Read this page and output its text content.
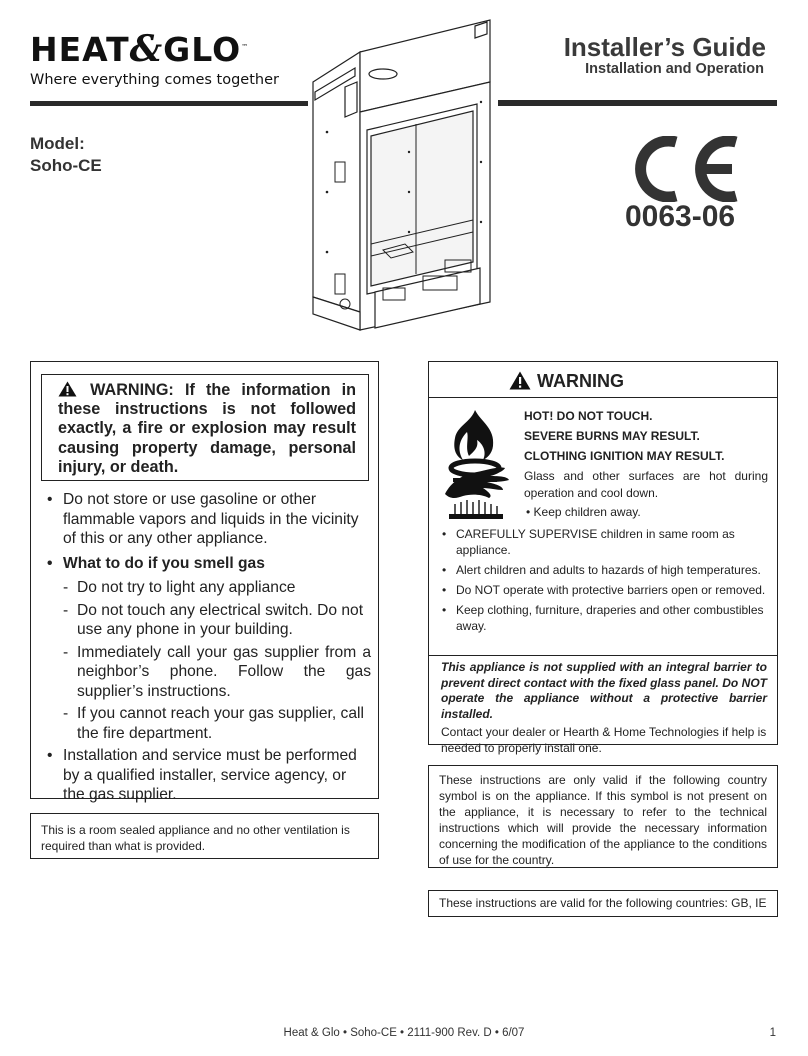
HEAT&GLO™
Where everything comes together
Installer’s Guide
Installation and Operation
Model:
Soho-CE
0063-06

WARNING: If the information in these instructions is not followed exactly, a fire or explosion may result causing property damage, personal injury, or death.

• Do not store or use gasoline or other flammable vapors and liquids in the vicinity of this or any other appliance.
• What to do if you smell gas
- Do not try to light any appliance
- Do not touch any electrical switch. Do not use any phone in your building.
- Immediately call your gas supplier from a neighbor’s phone. Follow the gas supplier’s instructions.
- If you cannot reach your gas supplier, call the fire department.
• Installation and service must be performed by a qualified installer, service agency, or the gas supplier.
This is a room sealed appliance and no other ventilation is required than what is provided.
WARNING
HOT! DO NOT TOUCH.
SEVERE BURNS MAY RESULT.
CLOTHING IGNITION MAY RESULT.
Glass and other surfaces are hot during operation and cool down.
• Keep children away.
• CAREFULLY SUPERVISE children in same room as appliance.
• Alert children and adults to hazards of high temperatures.
• Do NOT operate with protective barriers open or removed.
• Keep clothing, furniture, draperies and other combustibles away.
This appliance is not supplied with an integral barrier to prevent direct contact with the fixed glass panel. Do NOT operate the appliance without a protective barrier installed.
Contact your dealer or Hearth & Home Technologies if help is needed to properly install one.
These instructions are only valid if the following country symbol is on the appliance. If this symbol is not present on the appliance, it is necessary to refer to the technical instructions which will provide the necessary information concerning the modification of the appliance to the conditions of use for the country.
These instructions are valid for the following countries: GB, IE
Heat & Glo • Soho-CE • 2111-900 Rev. D • 6/07	1
